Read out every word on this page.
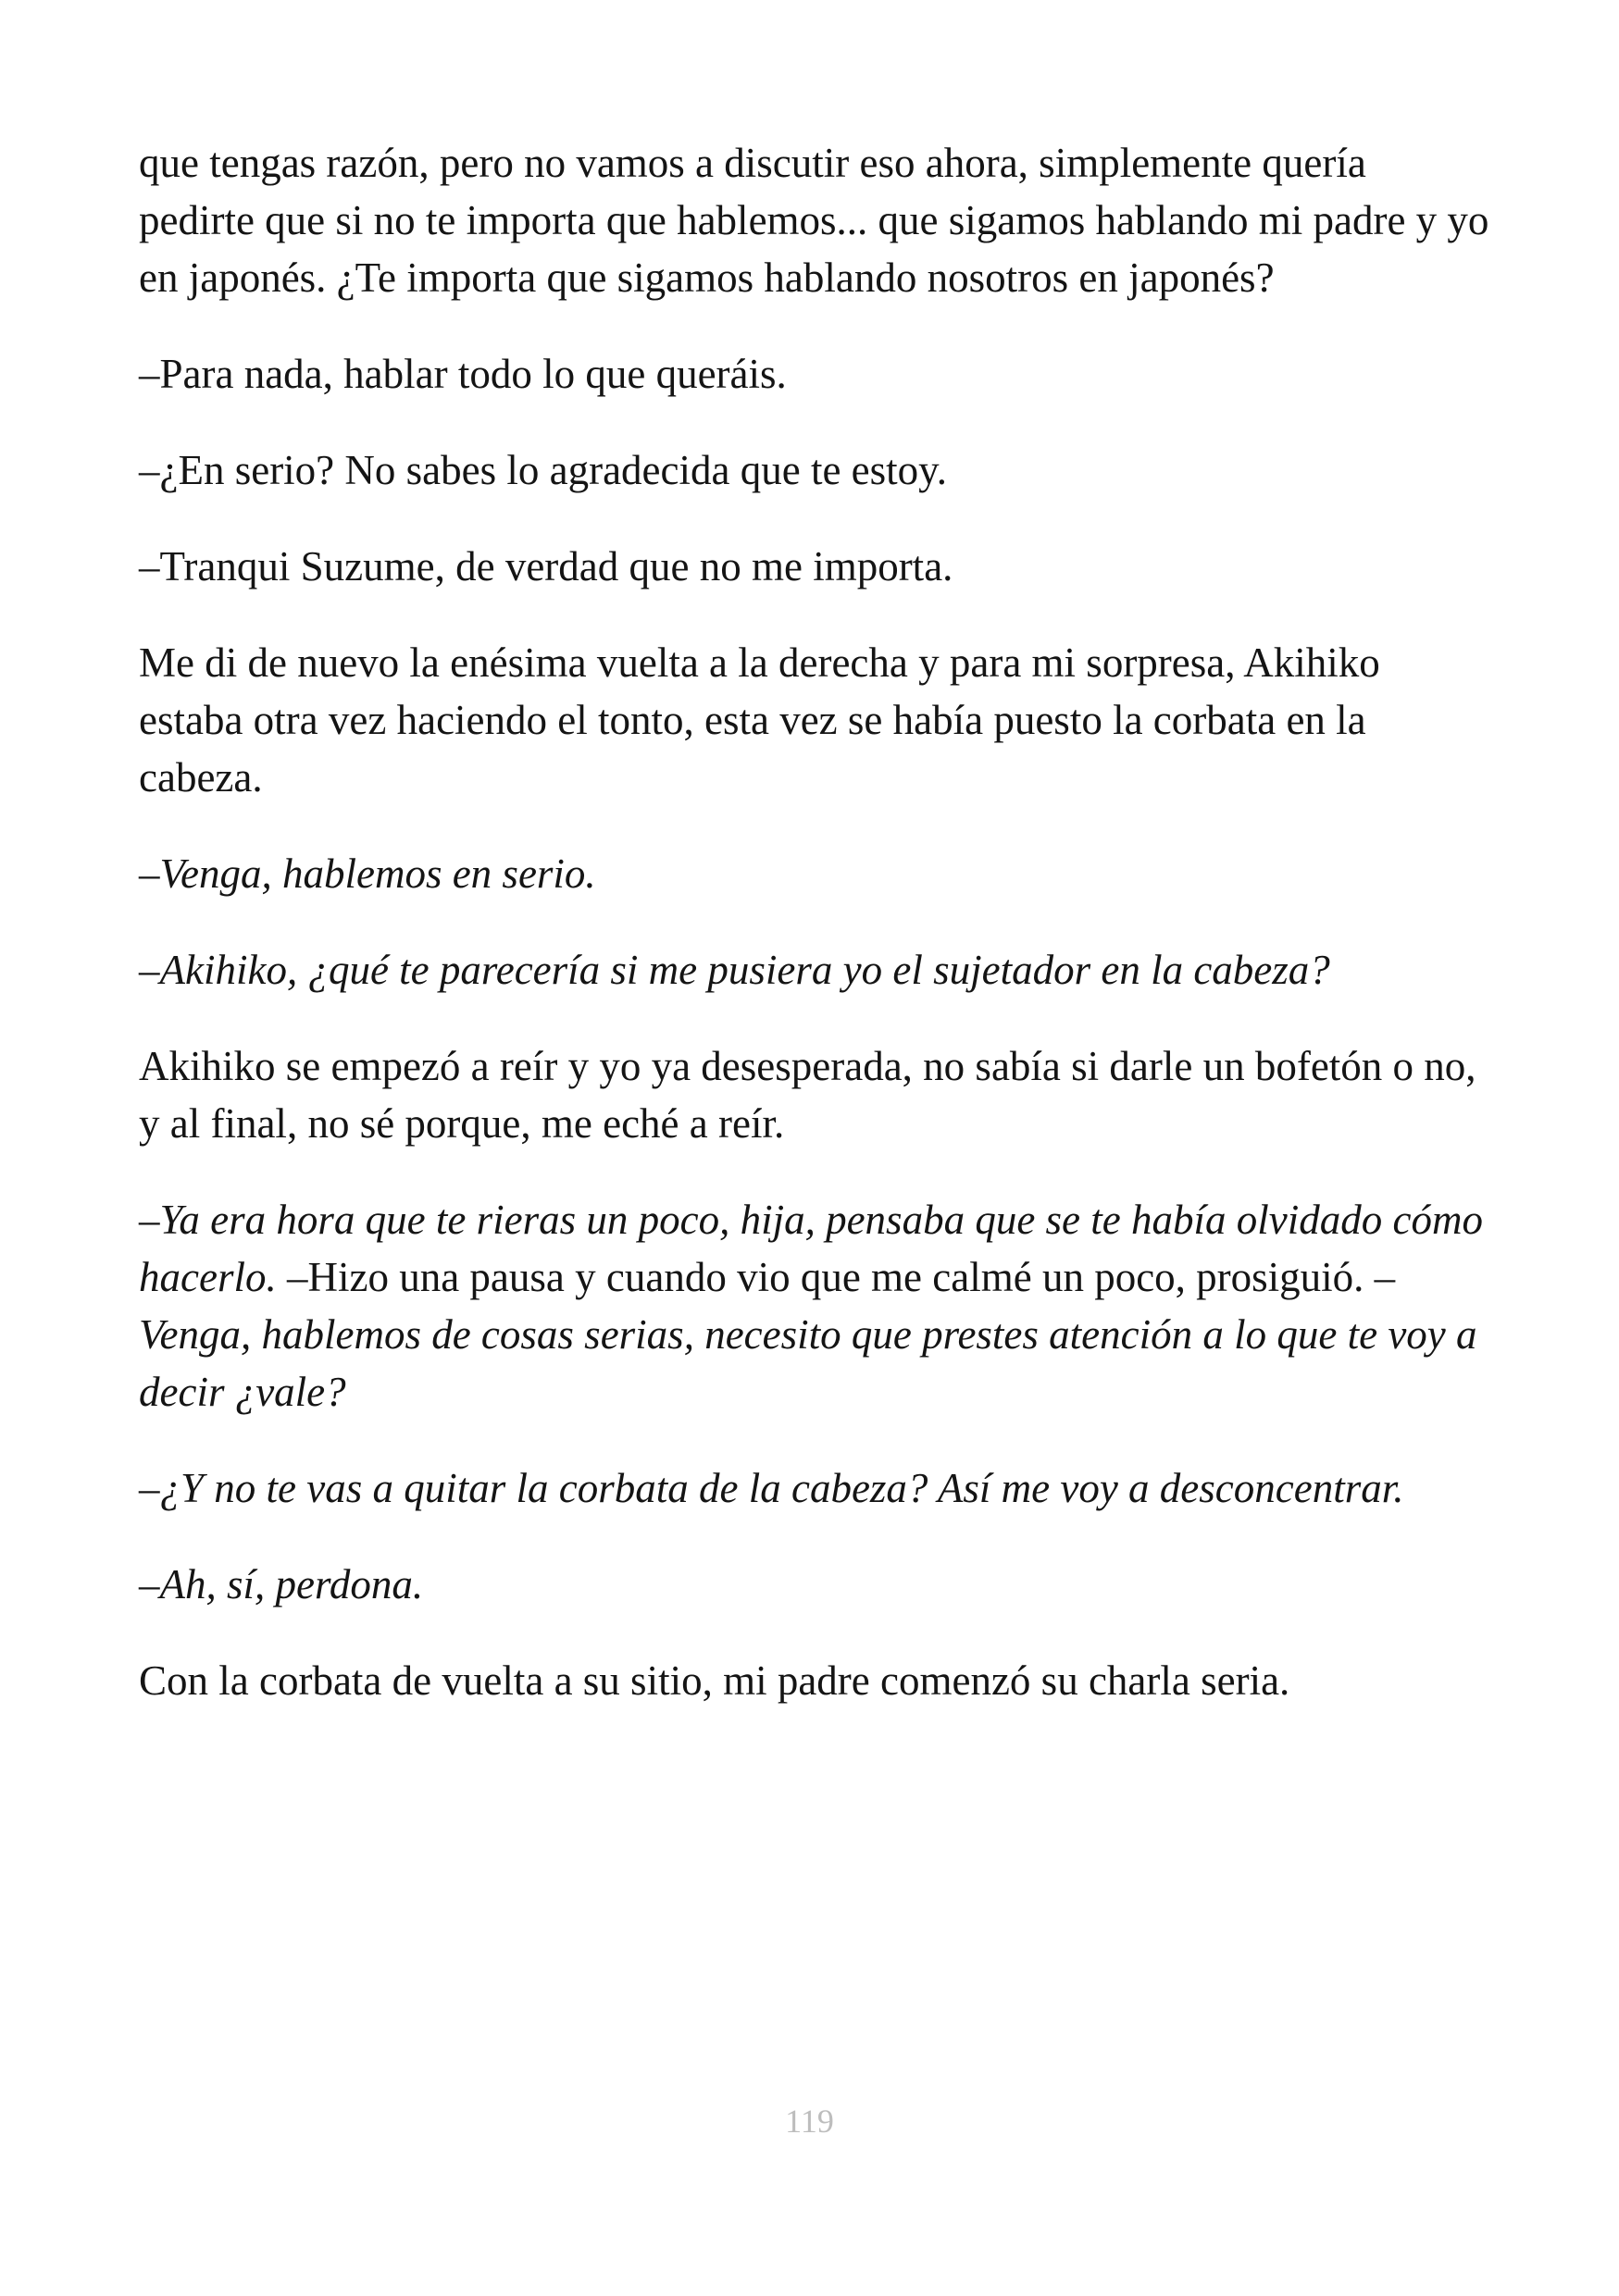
que tengas razón, pero no vamos a discutir eso ahora, simplemente quería pedirte que si no te importa que hablemos... que sigamos hablando mi padre y yo en japonés. ¿Te importa que sigamos hablando nosotros en japonés?

–Para nada, hablar todo lo que queráis.

–¿En serio? No sabes lo agradecida que te estoy.

–Tranqui Suzume, de verdad que no me importa.

Me di de nuevo la enésima vuelta a la derecha y para mi sorpresa, Akihiko estaba otra vez haciendo el tonto, esta vez se había puesto la corbata en la cabeza.

–Venga, hablemos en serio.

–Akihiko, ¿qué te parecería si me pusiera yo el sujetador en la cabeza?

Akihiko se empezó a reír y yo ya desesperada, no sabía si darle un bofetón o no, y al final, no sé porque, me eché a reír.

–Ya era hora que te rieras un poco, hija, pensaba que se te había olvidado cómo hacerlo. –Hizo una pausa y cuando vio que me calmé un poco, prosiguió. –Venga, hablemos de cosas serias, necesito que prestes atención a lo que te voy a decir ¿vale?

–¿Y no te vas a quitar la corbata de la cabeza? Así me voy a desconcentrar.

–Ah, sí, perdona.

Con la corbata de vuelta a su sitio, mi padre comenzó su charla seria.

119
